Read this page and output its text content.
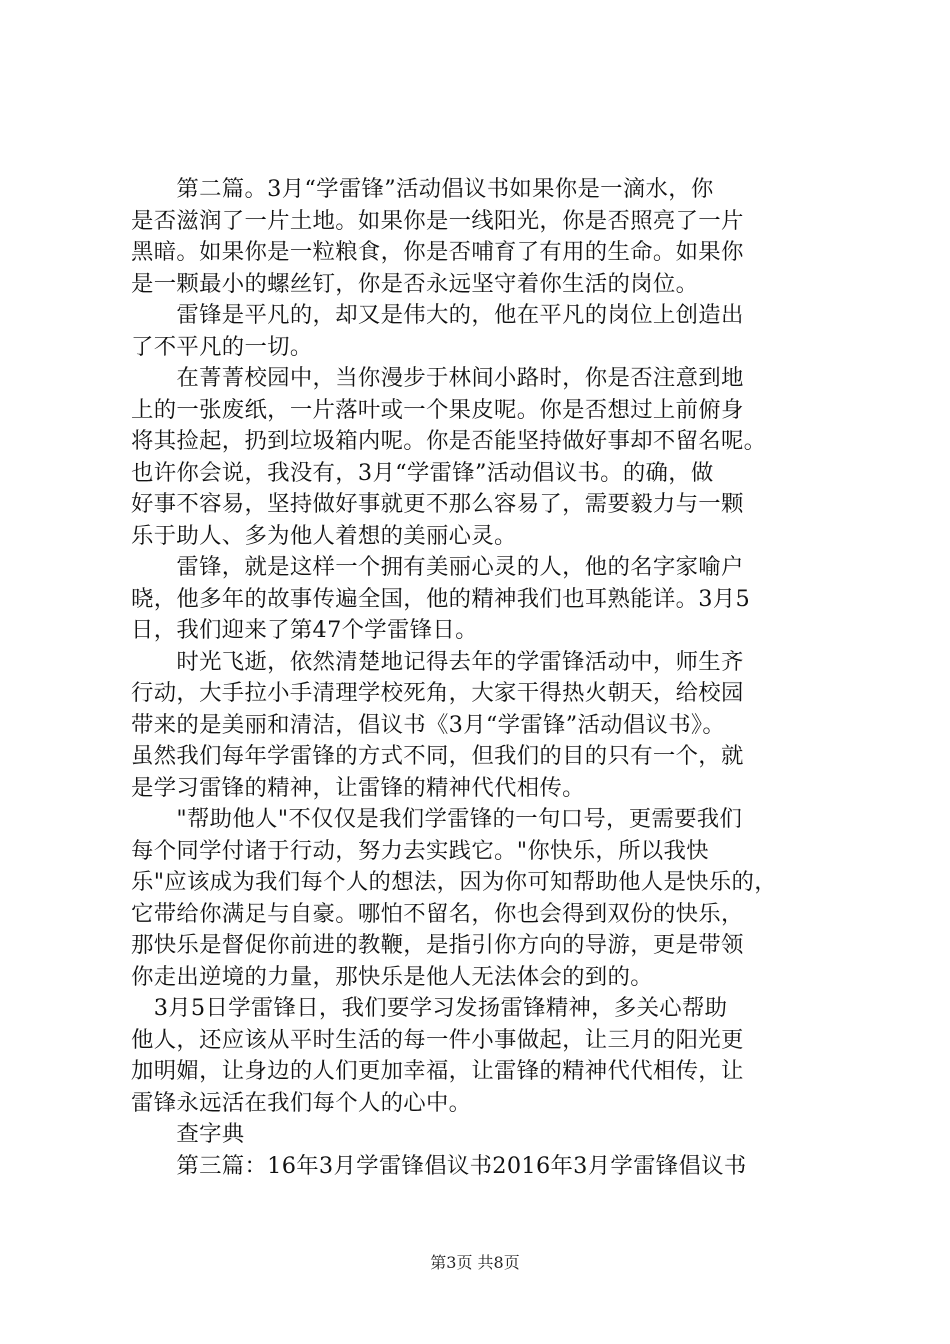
　　第二篇。3月“学雷锋”活动倡议书如果你是一滴水，你
是否滋润了一片土地。如果你是一线阳光，你是否照亮了一片
黑暗。如果你是一粒粮食，你是否哺育了有用的生命。如果你
是一颗最小的螺丝钉，你是否永远坚守着你生活的岗位。

　　雷锋是平凡的，却又是伟大的，他在平凡的岗位上创造出
了不平凡的一切。

　　在菁菁校园中，当你漫步于林间小路时，你是否注意到地
上的一张废纸，一片落叶或一个果皮呢。你是否想过上前俯身
将其捡起，扔到垃圾箱内呢。你是否能坚持做好事却不留名呢。
也许你会说，我没有，3月“学雷锋”活动倡议书。的确，做
好事不容易，坚持做好事就更不那么容易了，需要毅力与一颗
乐于助人、多为他人着想的美丽心灵。

　　雷锋，就是这样一个拥有美丽心灵的人，他的名字家喻户
晓，他多年的故事传遍全国，他的精神我们也耳熟能详。3月5
日，我们迎来了第47个学雷锋日。

　　时光飞逝，依然清楚地记得去年的学雷锋活动中，师生齐
行动，大手拉小手清理学校死角，大家干得热火朝天，给校园
带来的是美丽和清洁，倡议书《3月“学雷锋”活动倡议书》。
虽然我们每年学雷锋的方式不同，但我们的目的只有一个，就
是学习雷锋的精神，让雷锋的精神代代相传。

　　"帮助他人"不仅仅是我们学雷锋的一句口号，更需要我们
每个同学付诸于行动，努力去实践它。"你快乐，所以我快
乐"应该成为我们每个人的想法，因为你可知帮助他人是快乐的，
它带给你满足与自豪。哪怕不留名，你也会得到双份的快乐，
那快乐是督促你前进的教鞭，是指引你方向的导游，更是带领
你走出逆境的力量，那快乐是他人无法体会的到的。

　3月5日学雷锋日，我们要学习发扬雷锋精神，多关心帮助
他人，还应该从平时生活的每一件小事做起，让三月的阳光更
加明媚，让身边的人们更加幸福，让雷锋的精神代代相传，让
雷锋永远活在我们每个人的心中。

　　查字典

　　第三篇：16年3月学雷锋倡议书2016年3月学雷锋倡议书

第3页 共8页
